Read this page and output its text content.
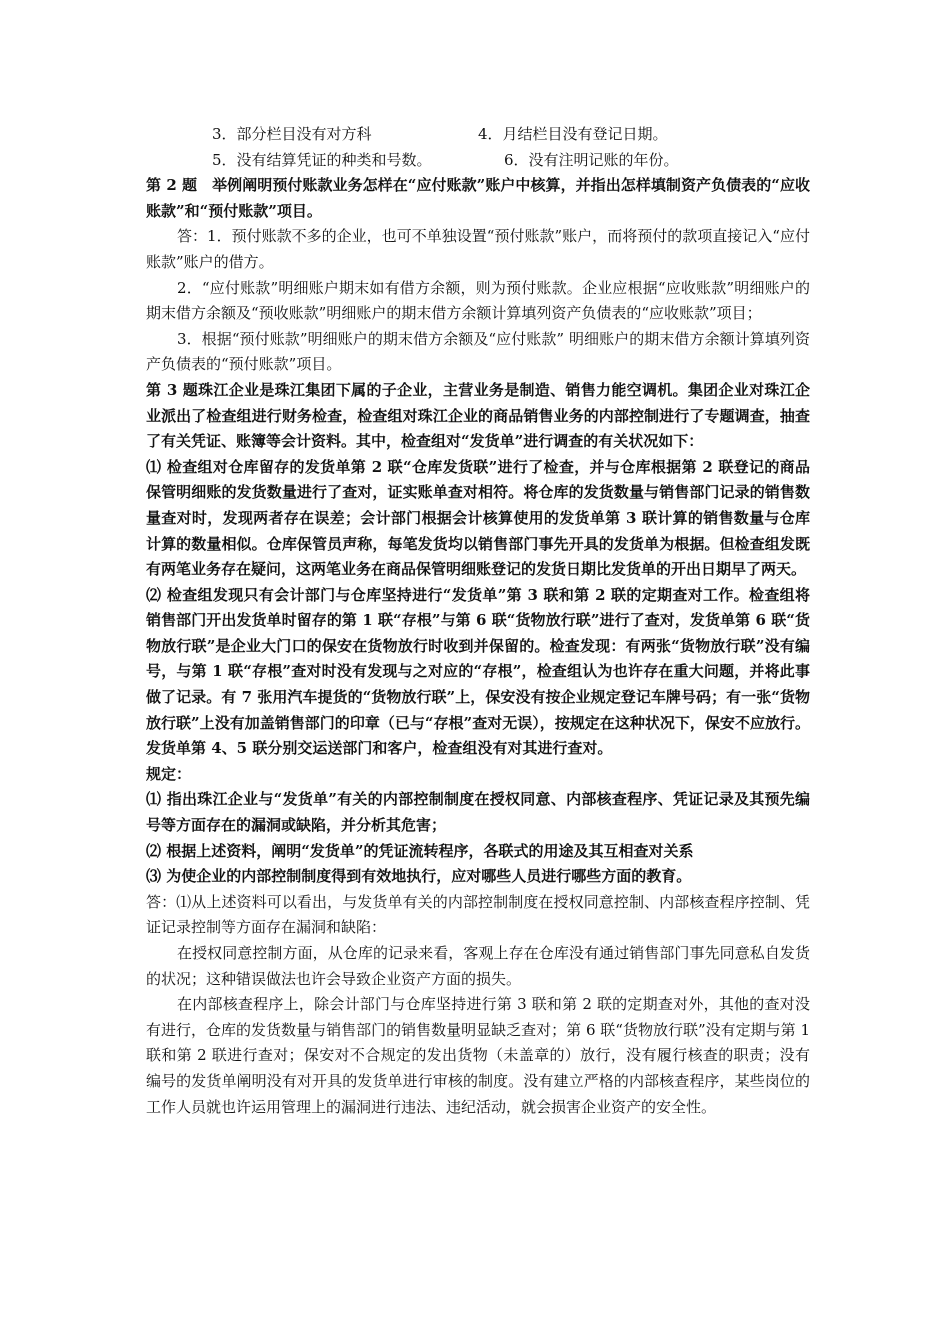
3．部分栏目没有对方科	4．月结栏目没有登记日期。
5．没有结算凭证的种类和号数。	6．没有注明记账的年份。

第 2 题　举例阐明预付账款业务怎样在“应付账款”账户中核算，并指出怎样填制资产负债表的“应收账款”和“预付账款”项目。

答：1．预付账款不多的企业，也可不单独设置“预付账款”账户，而将预付的款项直接记入“应付账款”账户的借方。

2．“应付账款”明细账户期末如有借方余额，则为预付账款。企业应根据“应收账款”明细账户的期末借方余额及“预收账款”明细账户的期末借方余额计算填列资产负债表的“应收账款”项目；

3．根据“预付账款”明细账户的期末借方余额及“应付账款” 明细账户的期末借方余额计算填列资产负债表的“预付账款”项目。

第 3 题珠江企业是珠江集团下属的子企业，主营业务是制造、销售力能空调机。集团企业对珠江企业派出了检查组进行财务检查，检查组对珠江企业的商品销售业务的内部控制进行了专题调查，抽查了有关凭证、账簿等会计资料。其中，检查组对“发货单”进行调查的有关状况如下：

⑴ 检查组对仓库留存的发货单第 2 联“仓库发货联”进行了检查，并与仓库根据第 2 联登记的商品保管明细账的发货数量进行了查对，证实账单查对相符。将仓库的发货数量与销售部门记录的销售数量查对时，发现两者存在误差；会计部门根据会计核算使用的发货单第 3 联计算的销售数量与仓库计算的数量相似。仓库保管员声称，每笔发货均以销售部门事先开具的发货单为根据。但检查组发既有两笔业务存在疑问，这两笔业务在商品保管明细账登记的发货日期比发货单的开出日期早了两天。

⑵ 检查组发现只有会计部门与仓库坚持进行“发货单”第 3 联和第 2 联的定期查对工作。检查组将销售部门开出发货单时留存的第 1 联“存根”与第 6 联“货物放行联”进行了查对，发货单第 6 联“货物放行联”是企业大门口的保安在货物放行时收到并保留的。检查发现：有两张“货物放行联”没有编号，与第 1 联“存根”查对时没有发现与之对应的“存根”，检查组认为也许存在重大问题，并将此事做了记录。有 7 张用汽车提货的“货物放行联”上，保安没有按企业规定登记车牌号码；有一张“货物放行联”上没有加盖销售部门的印章（已与“存根”查对无误），按规定在这种状况下，保安不应放行。发货单第 4、5 联分别交运送部门和客户，检查组没有对其进行查对。

规定：

⑴ 指出珠江企业与“发货单”有关的内部控制制度在授权同意、内部核查程序、凭证记录及其预先编号等方面存在的漏洞或缺陷，并分析其危害；

⑵ 根据上述资料，阐明“发货单”的凭证流转程序，各联式的用途及其互相查对关系

⑶ 为使企业的内部控制制度得到有效地执行，应对哪些人员进行哪些方面的教育。

答：⑴从上述资料可以看出，与发货单有关的内部控制制度在授权同意控制、内部核查程序控制、凭证记录控制等方面存在漏洞和缺陷：

在授权同意控制方面，从仓库的记录来看，客观上存在仓库没有通过销售部门事先同意私自发货的状况；这种错误做法也许会导致企业资产方面的损失。

在内部核查程序上，除会计部门与仓库坚持进行第 3 联和第 2 联的定期查对外，其他的查对没有进行，仓库的发货数量与销售部门的销售数量明显缺乏查对；第 6 联“货物放行联”没有定期与第 1 联和第 2 联进行查对；保安对不合规定的发出货物（未盖章的）放行，没有履行核查的职责；没有编号的发货单阐明没有对开具的发货单进行审核的制度。没有建立严格的内部核查程序，某些岗位的工作人员就也许运用管理上的漏洞进行违法、违纪活动，就会损害企业资产的安全性。
